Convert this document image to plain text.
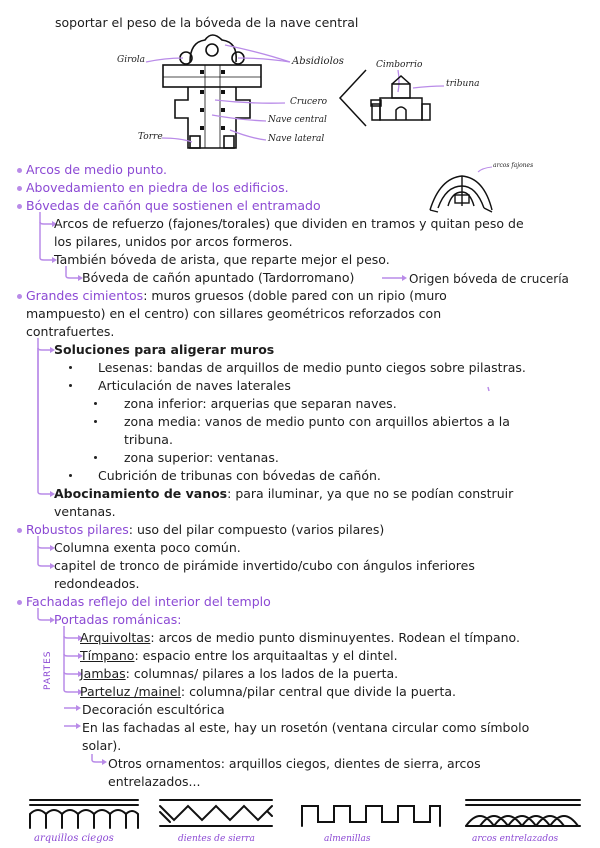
soportar el peso de la bóveda de la nave central
Girola	Absidiolos
Crucero
Nave central
Nave lateral
Torre
Cimborrio
tribuna
arcos fajones
Arcos de medio punto.
Abovedamiento en piedra de los edificios.
Bóvedas de cañón que sostienen el entramado
Arcos de refuerzo (fajones/torales) que dividen en tramos y quitan peso de
los pilares, unidos por arcos formeros.
También bóveda de arista, que reparte mejor el peso.
Bóveda de cañón apuntado (Tardorromano)	Origen bóveda de crucería
Grandes cimientos: muros gruesos (doble pared con un ripio (muro
mampuesto) en el centro) con sillares geométricos reforzados con
contrafuertes.
Soluciones para aligerar muros
Lesenas: bandas de arquillos de medio punto ciegos sobre pilastras.
Articulación de naves laterales
zona inferior: arquerias que separan naves.
zona media: vanos de medio punto con arquillos abiertos a la
tribuna.
zona superior: ventanas.
Cubrición de tribunas con bóvedas de cañón.
Abocinamiento de vanos: para iluminar, ya que no se podían construir
ventanas.
Robustos pilares: uso del pilar compuesto (varios pilares)
Columna exenta poco común.
capitel de tronco de pirámide invertido/cubo con ángulos inferiores
redondeados.
Fachadas reflejo del interior del templo
Portadas románicas:
PARTES
Arquivoltas: arcos de medio punto disminuyentes. Rodean el tímpano.
Tímpano: espacio entre los arquitaaltas y el dintel.
Jambas: columnas/ pilares a los lados de la puerta.
Parteluz /mainel: columna/pilar central que divide la puerta.
Decoración escultórica
En las fachadas al este, hay un rosetón (ventana circular como símbolo
solar).
Otros ornamentos: arquillos ciegos, dientes de sierra, arcos
entrelazados...
arquillos ciegos	dientes de sierra	almenillas	arcos entrelazados
